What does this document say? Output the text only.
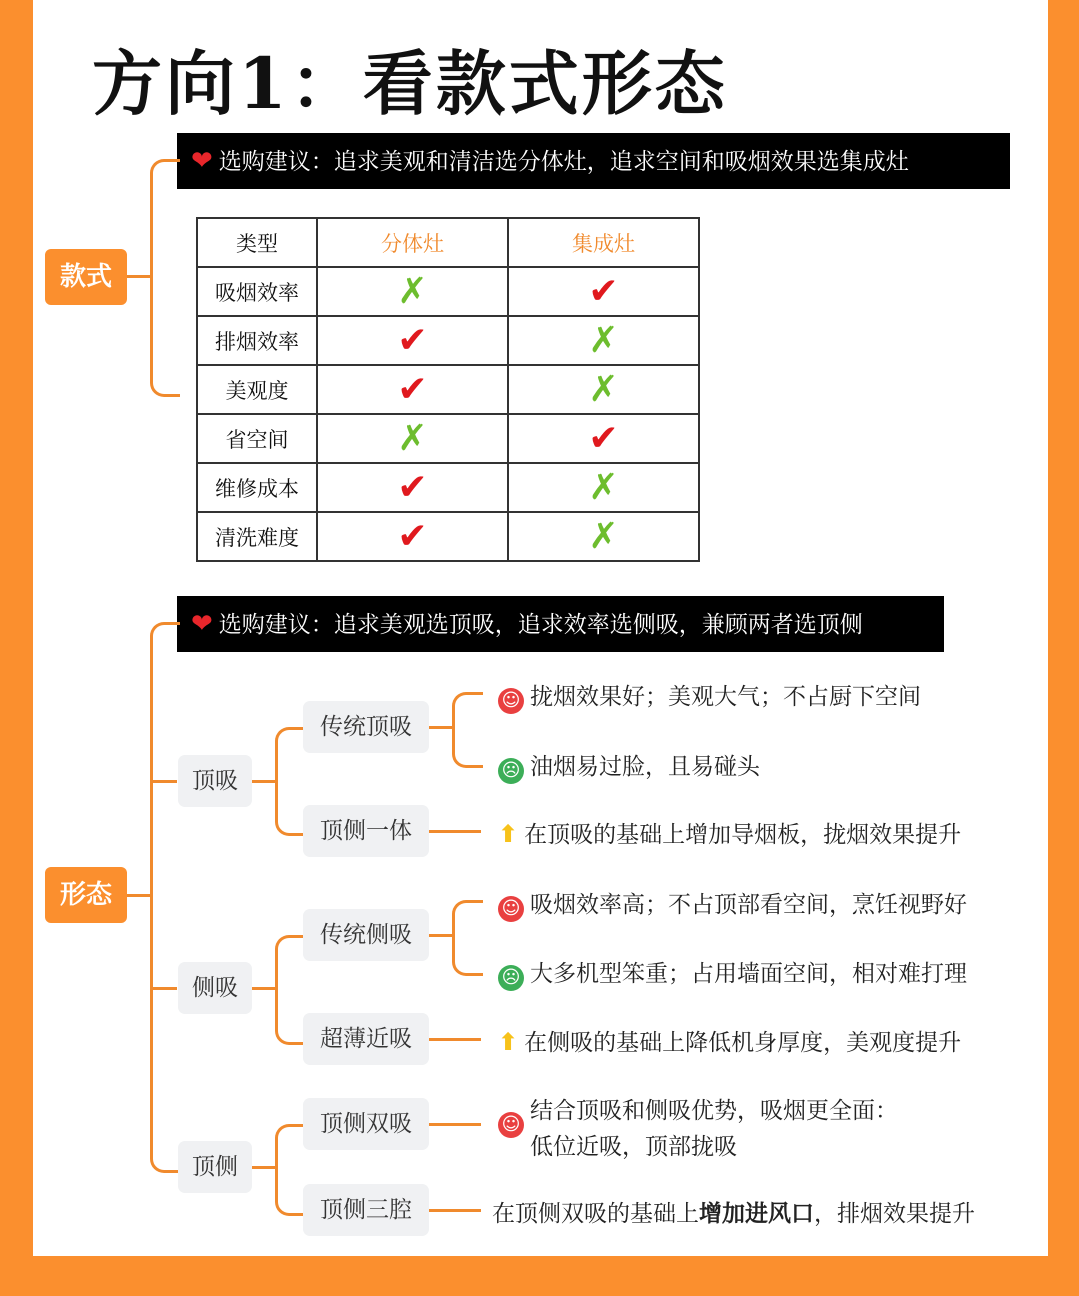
方向1：看款式形态
❤ 选购建议：追求美观和清洁选分体灶，追求空间和吸烟效果选集成灶
款式
类型	分体灶	集成灶
吸烟效率	✗	✔
排烟效率	✔	✗
美观度	✔	✗
省空间	✗	✔
维修成本	✔	✗
清洗难度	✔	✗
❤ 选购建议：追求美观选顶吸，追求效率选侧吸，兼顾两者选顶侧
形态
顶吸
传统顶吸
☺ 拢烟效果好；美观大气；不占厨下空间
☹ 油烟易过脸，且易碰头
顶侧一体	⬆ 在顶吸的基础上增加导烟板，拢烟效果提升
侧吸
传统侧吸
☺ 吸烟效率高；不占顶部看空间，烹饪视野好
☹ 大多机型笨重；占用墙面空间，相对难打理
超薄近吸	⬆ 在侧吸的基础上降低机身厚度，美观度提升
顶侧
顶侧双吸	☺
结合顶吸和侧吸优势，吸烟更全面：
低位近吸，顶部拢吸
顶侧三腔	在顶侧双吸的基础上增加进风口，排烟效果提升
